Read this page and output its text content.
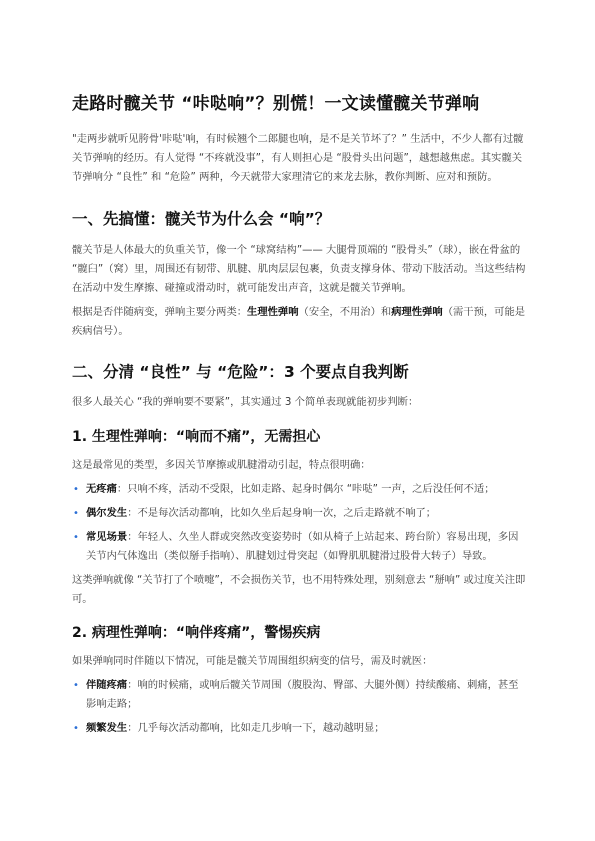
走路时髋关节 “咔哒响”？别慌！一文读懂髋关节弹响

"走两步就听见胯骨'咔哒'响，有时候翘个二郎腿也响，是不是关节坏了？” 生活中，不少人都有过髋关节弹响的经历。有人觉得 “不疼就没事”，有人则担心是 “股骨头出问题”，越想越焦虑。其实髋关节弹响分 “良性” 和 “危险” 两种，今天就带大家理清它的来龙去脉，教你判断、应对和预防。

一、先搞懂：髋关节为什么会 “响”？

髋关节是人体最大的负重关节，像一个 “球窝结构”—— 大腿骨顶端的 “股骨头”（球），嵌在骨盆的 “髋臼”（窝）里，周围还有韧带、肌腱、肌肉层层包裹，负责支撑身体、带动下肢活动。当这些结构在活动中发生摩擦、碰撞或滑动时，就可能发出声音，这就是髋关节弹响。

根据是否伴随病变，弹响主要分两类：生理性弹响（安全，不用治）和病理性弹响（需干预，可能是疾病信号）。

二、分清 “良性” 与 “危险”：3 个要点自我判断

很多人最关心 “我的弹响要不要紧”，其实通过 3 个简单表现就能初步判断：

1. 生理性弹响：“响而不痛”，无需担心

这是最常见的类型，多因关节摩擦或肌腱滑动引起，特点很明确：

• 无疼痛：只响不疼，活动不受限，比如走路、起身时偶尔 “咔哒” 一声，之后没任何不适；
• 偶尔发生：不是每次活动都响，比如久坐后起身响一次，之后走路就不响了；
• 常见场景：年轻人、久坐人群或突然改变姿势时（如从椅子上站起来、跨台阶）容易出现，多因关节内气体逸出（类似掰手指响）、肌腱划过骨突起（如臀肌肌腱滑过股骨大转子）导致。

这类弹响就像 “关节打了个喷嚏”，不会损伤关节，也不用特殊处理，别刻意去 “掰响” 或过度关注即可。

2. 病理性弹响：“响伴疼痛”，警惕疾病

如果弹响同时伴随以下情况，可能是髋关节周围组织病变的信号，需及时就医：

• 伴随疼痛：响的时候痛，或响后髋关节周围（腹股沟、臀部、大腿外侧）持续酸痛、刺痛，甚至影响走路；
• 频繁发生：几乎每次活动都响，比如走几步响一下，越动越明显；
